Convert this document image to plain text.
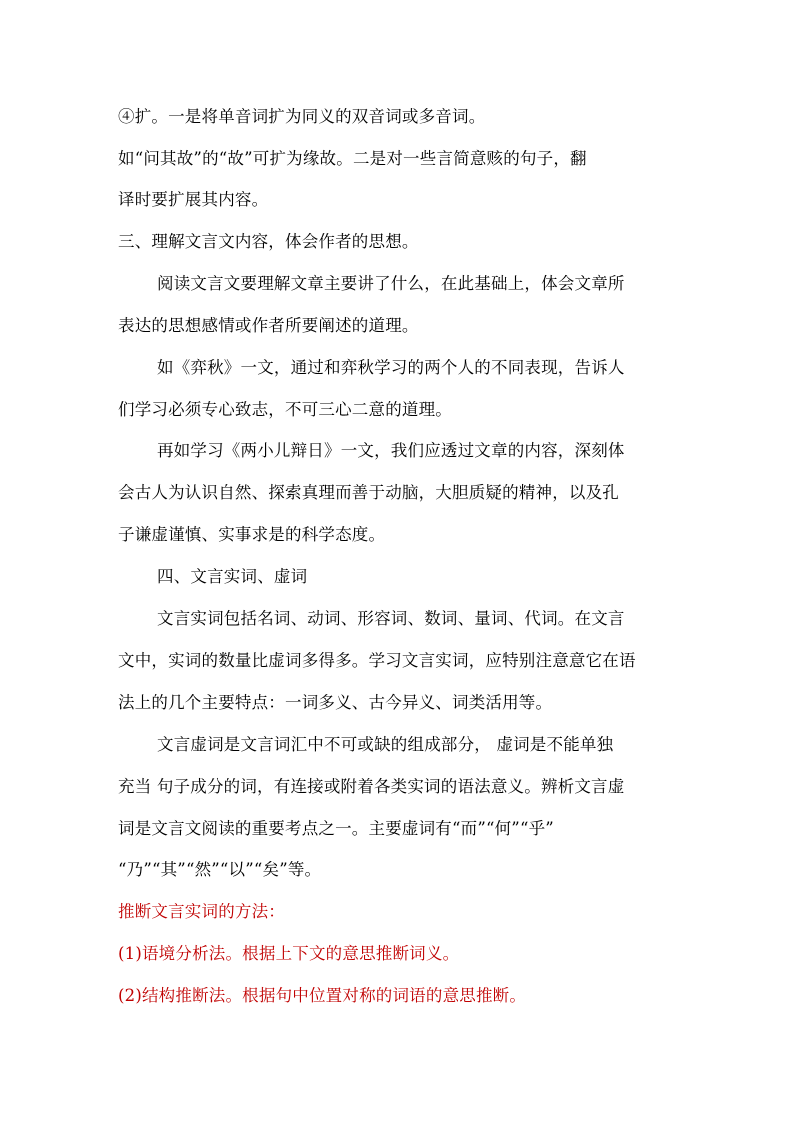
④扩。一是将单音词扩为同义的双音词或多音词。
如“问其故”的“故”可扩为缘故。二是对一些言简意赅的句子，翻
译时要扩展其内容。
三、理解文言文内容，体会作者的思想。
阅读文言文要理解文章主要讲了什么，在此基础上，体会文章所
表达的思想感情或作者所要阐述的道理。
如《弈秋》一文，通过和弈秋学习的两个人的不同表现，告诉人
们学习必须专心致志，不可三心二意的道理。
再如学习《两小儿辩日》一文，我们应透过文章的内容，深刻体
会古人为认识自然、探索真理而善于动脑，大胆质疑的精神，以及孔
子谦虚谨慎、实事求是的科学态度。
四、文言实词、虚词
文言实词包括名词、动词、形容词、数词、量词、代词。在文言
文中，实词的数量比虚词多得多。学习文言实词，应特别注意意它在语
法上的几个主要特点：一词多义、古今异义、词类活用等。
文言虚词是文言词汇中不可或缺的组成部分， 虚词是不能单独
充当 句子成分的词，有连接或附着各类实词的语法意义。辨析文言虚
词是文言文阅读的重要考点之一。主要虚词有“而”“何”“乎”
“乃”“其”“然”“以”“矣”等。
推断文言实词的方法：
(1)语境分析法。根据上下文的意思推断词义。
(2)结构推断法。根据句中位置对称的词语的意思推断。
